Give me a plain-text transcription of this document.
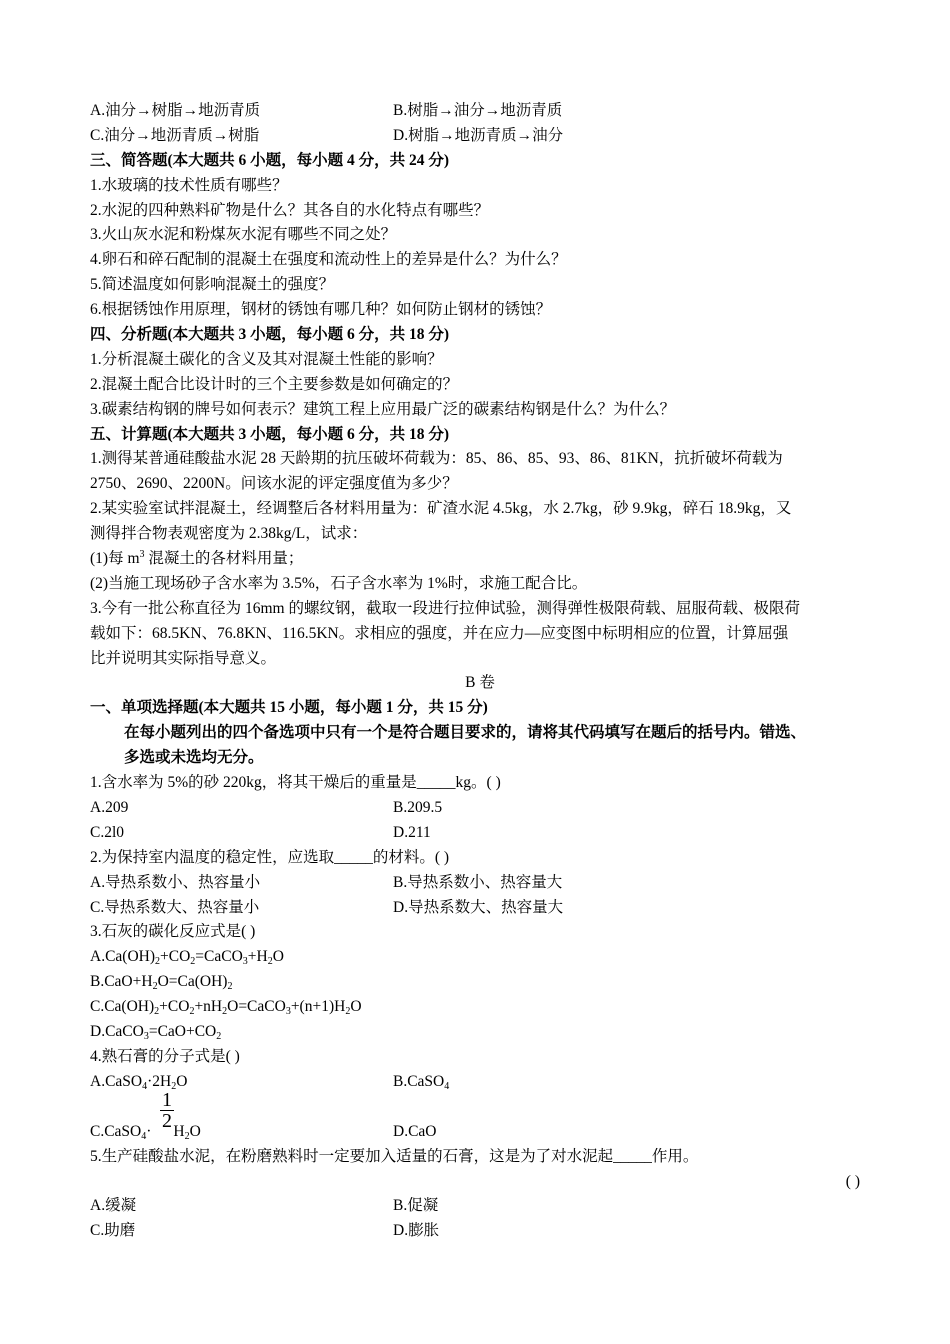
A.油分→树脂→地沥青质	B.树脂→油分→地沥青质
C.油分→地沥青质→树脂	D.树脂→地沥青质→油分
三、简答题(本大题共 6 小题，每小题 4 分，共 24 分)
1.水玻璃的技术性质有哪些？
2.水泥的四种熟料矿物是什么？其各自的水化特点有哪些？
3.火山灰水泥和粉煤灰水泥有哪些不同之处？
4.卵石和碎石配制的混凝土在强度和流动性上的差异是什么？为什么？
5.简述温度如何影响混凝土的强度？
6.根据锈蚀作用原理，钢材的锈蚀有哪几种？如何防止钢材的锈蚀？
四、分析题(本大题共 3 小题，每小题 6 分，共 18 分)
1.分析混凝土碳化的含义及其对混凝土性能的影响？
2.混凝土配合比设计时的三个主要参数是如何确定的？
3.碳素结构钢的牌号如何表示？建筑工程上应用最广泛的碳素结构钢是什么？为什么？
五、计算题(本大题共 3 小题，每小题 6 分，共 18 分)
1.测得某普通硅酸盐水泥 28 天龄期的抗压破坏荷载为：85、86、85、93、86、81KN，抗折破坏荷载为
2750、2690、2200N。问该水泥的评定强度值为多少？
2.某实验室试拌混凝土，经调整后各材料用量为：矿渣水泥 4.5kg，水 2.7kg，砂 9.9kg，碎石 18.9kg，又
测得拌合物表观密度为 2.38kg/L，试求：
(1)每 $m^3$ 混凝土的各材料用量；
(2)当施工现场砂子含水率为 3.5%，石子含水率为 1%时，求施工配合比。
3.今有一批公称直径为 16mm 的螺纹钢，截取一段进行拉伸试验，测得弹性极限荷载、屈服荷载、极限荷
载如下：68.5KN、76.8KN、116.5KN。求相应的强度，并在应力—应变图中标明相应的位置，计算屈强
比并说明其实际指导意义。
B 卷
一、单项选择题(本大题共 15 小题，每小题 1 分，共 15 分)
在每小题列出的四个备选项中只有一个是符合题目要求的，请将其代码填写在题后的括号内。错选、
多选或未选均无分。
1.含水率为 5%的砂 220kg，将其干燥后的重量是_____kg。( )
A.209	B.209.5
C.2l0	D.211
2.为保持室内温度的稳定性，应选取_____的材料。( )
A.导热系数小、热容量小	B.导热系数小、热容量大
C.导热系数大、热容量小	D.导热系数大、热容量大
3.石灰的碳化反应式是( )
$A.Ca(OH)_2+CO_2=CaCO_3+H_2O$
$B.CaO+H_2O=Ca(OH)_2$
$C.Ca(OH)_2+CO_2+nH_2O=CaCO_3+(n+1)H_2O$
$D.CaCO_3=CaO+CO_2$
4.熟石膏的分子式是( )
$A.CaSO_4\cdot 2H_2O$	B.CaSO$_4$
$\frac{1}{2}$
C.CaSO$_4$· $H_2O$	D.CaO
5.生产硅酸盐水泥，在粉磨熟料时一定要加入适量的石膏，这是为了对水泥起_____作用。
( )
A.缓凝	B.促凝
C.助磨	D.膨胀
